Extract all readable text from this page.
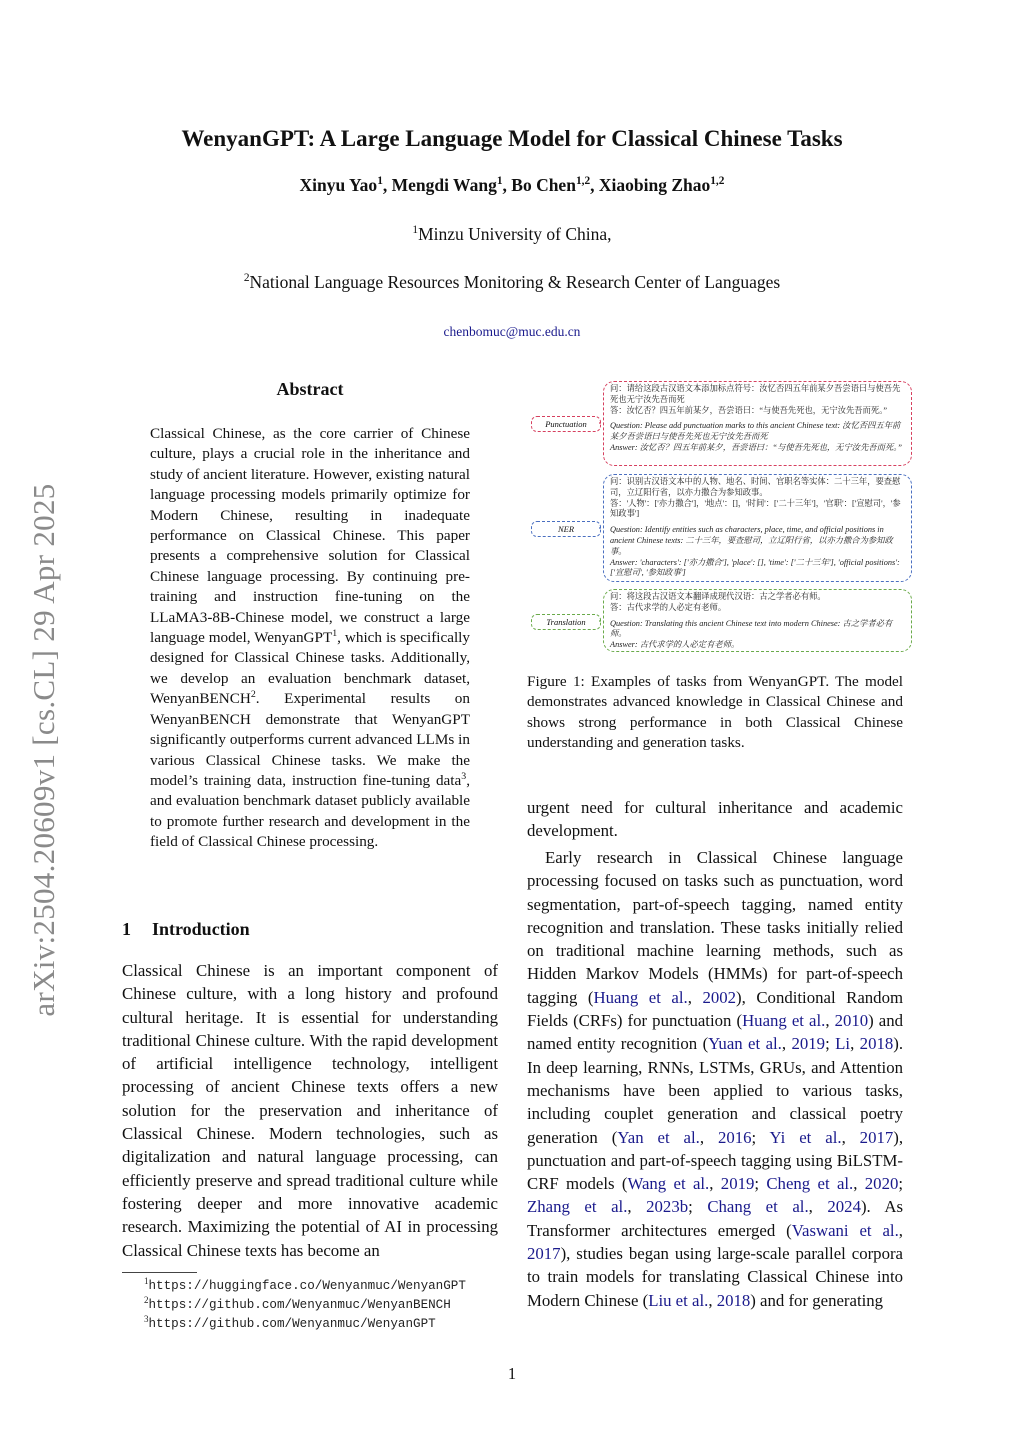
arXiv:2504.20609v1 [cs.CL] 29 Apr 2025
WenyanGPT: A Large Language Model for Classical Chinese Tasks
Xinyu Yao$^1$, Mengdi Wang$^1$, Bo Chen$^{1,2}$, Xiaobing Zhao$^{1,2}$
$^1$Minzu University of China,
$^2$National Language Resources Monitoring & Research Center of Languages
chenbomuc@muc.edu.cn
Abstract
Classical Chinese, as the core carrier of Chinese culture, plays a crucial role in the inheritance and study of ancient literature. However, existing natural language processing models primarily optimize for Modern Chinese, resulting in inadequate performance on Classical Chinese. This paper presents a comprehensive solution for Classical Chinese language processing. By continuing pre-training and instruction fine-tuning on the LLaMA3-8B-Chinese model, we construct a large language model, WenyanGPT$^1$, which is specifically designed for Classical Chinese tasks. Additionally, we develop an evaluation benchmark dataset, WenyanBENCH$^2$. Experimental results on WenyanBENCH demonstrate that WenyanGPT significantly outperforms current advanced LLMs in various Classical Chinese tasks. We make the model’s training data, instruction fine-tuning data$^3$, and evaluation benchmark dataset publicly available to promote further research and development in the field of Classical Chinese processing.
1 Introduction
Classical Chinese is an important component of Chinese culture, with a long history and profound cultural heritage. It is essential for understanding traditional Chinese culture. With the rapid development of artificial intelligence technology, intelligent processing of ancient Chinese texts offers a new solution for the preservation and inheritance of Classical Chinese. Modern technologies, such as digitalization and natural language processing, can efficiently preserve and spread traditional culture while fostering deeper and more innovative academic research. Maximizing the potential of AI in processing Classical Chinese texts has become an
$^1$https://huggingface.co/Wenyanmuc/WenyanGPT
$^2$https://github.com/Wenyanmuc/WenyanBENCH
$^3$https://github.com/Wenyanmuc/WenyanGPT
Punctuation
问：请给这段古汉语文本添加标点符号：汝忆否四五年前某夕吾尝语曰与使吾先死也无宁汝先吾而死
答：汝忆否？四五年前某夕，吾尝语曰：“与使吾先死也，无宁汝先吾而死。”
Question: Please add punctuation marks to this ancient Chinese text: 汝忆否四五年前某夕吾尝语曰与使吾先死也无宁汝先吾而死
Answer: 汝忆否？四五年前某夕，吾尝语曰：“与使吾先死也，无宁汝先吾而死。”
NER
问：识别古汉语文本中的人物、地名、时间、官职名等实体：二十三年，要查慰司，立辽阳行省，以亦力撒合为参知政事。
答：'人物'：['亦力撒合']，'地点'：[]，'时间'：['二十三年']，'官职'：['宣慰司'，'参知政事']
Question: Identify entities such as characters, place, time, and official positions in ancient Chinese texts: 二十三年，要查慰司，立辽阳行省，以亦力撒合为参知政事。
Answer: 'characters': ['亦力撒合'], 'place': [], 'time': ['二十三年'], 'official positions': ['宣慰司', '参知政事']
Translation
问：将这段古汉语文本翻译成现代汉语：古之学者必有师。
答：古代求学的人必定有老师。
Question: Translating this ancient Chinese text into modern Chinese: 古之学者必有师。
Answer: 古代求学的人必定有老师。
Figure 1: Examples of tasks from WenyanGPT. The model demonstrates advanced knowledge in Classical Chinese and shows strong performance in both Classical Chinese understanding and generation tasks.
urgent need for cultural inheritance and academic development.
Early research in Classical Chinese language processing focused on tasks such as punctuation, word segmentation, part-of-speech tagging, named entity recognition and translation. These tasks initially relied on traditional machine learning methods, such as Hidden Markov Models (HMMs) for part-of-speech tagging (Huang et al., 2002), Conditional Random Fields (CRFs) for punctuation (Huang et al., 2010) and named entity recognition (Yuan et al., 2019; Li, 2018). In deep learning, RNNs, LSTMs, GRUs, and Attention mechanisms have been applied to various tasks, including couplet generation and classical poetry generation (Yan et al., 2016; Yi et al., 2017), punctuation and part-of-speech tagging using BiLSTM-CRF models (Wang et al., 2019; Cheng et al., 2020; Zhang et al., 2023b; Chang et al., 2024). As Transformer architectures emerged (Vaswani et al., 2017), studies began using large-scale parallel corpora to train models for translating Classical Chinese into Modern Chinese (Liu et al., 2018) and for generating
1
